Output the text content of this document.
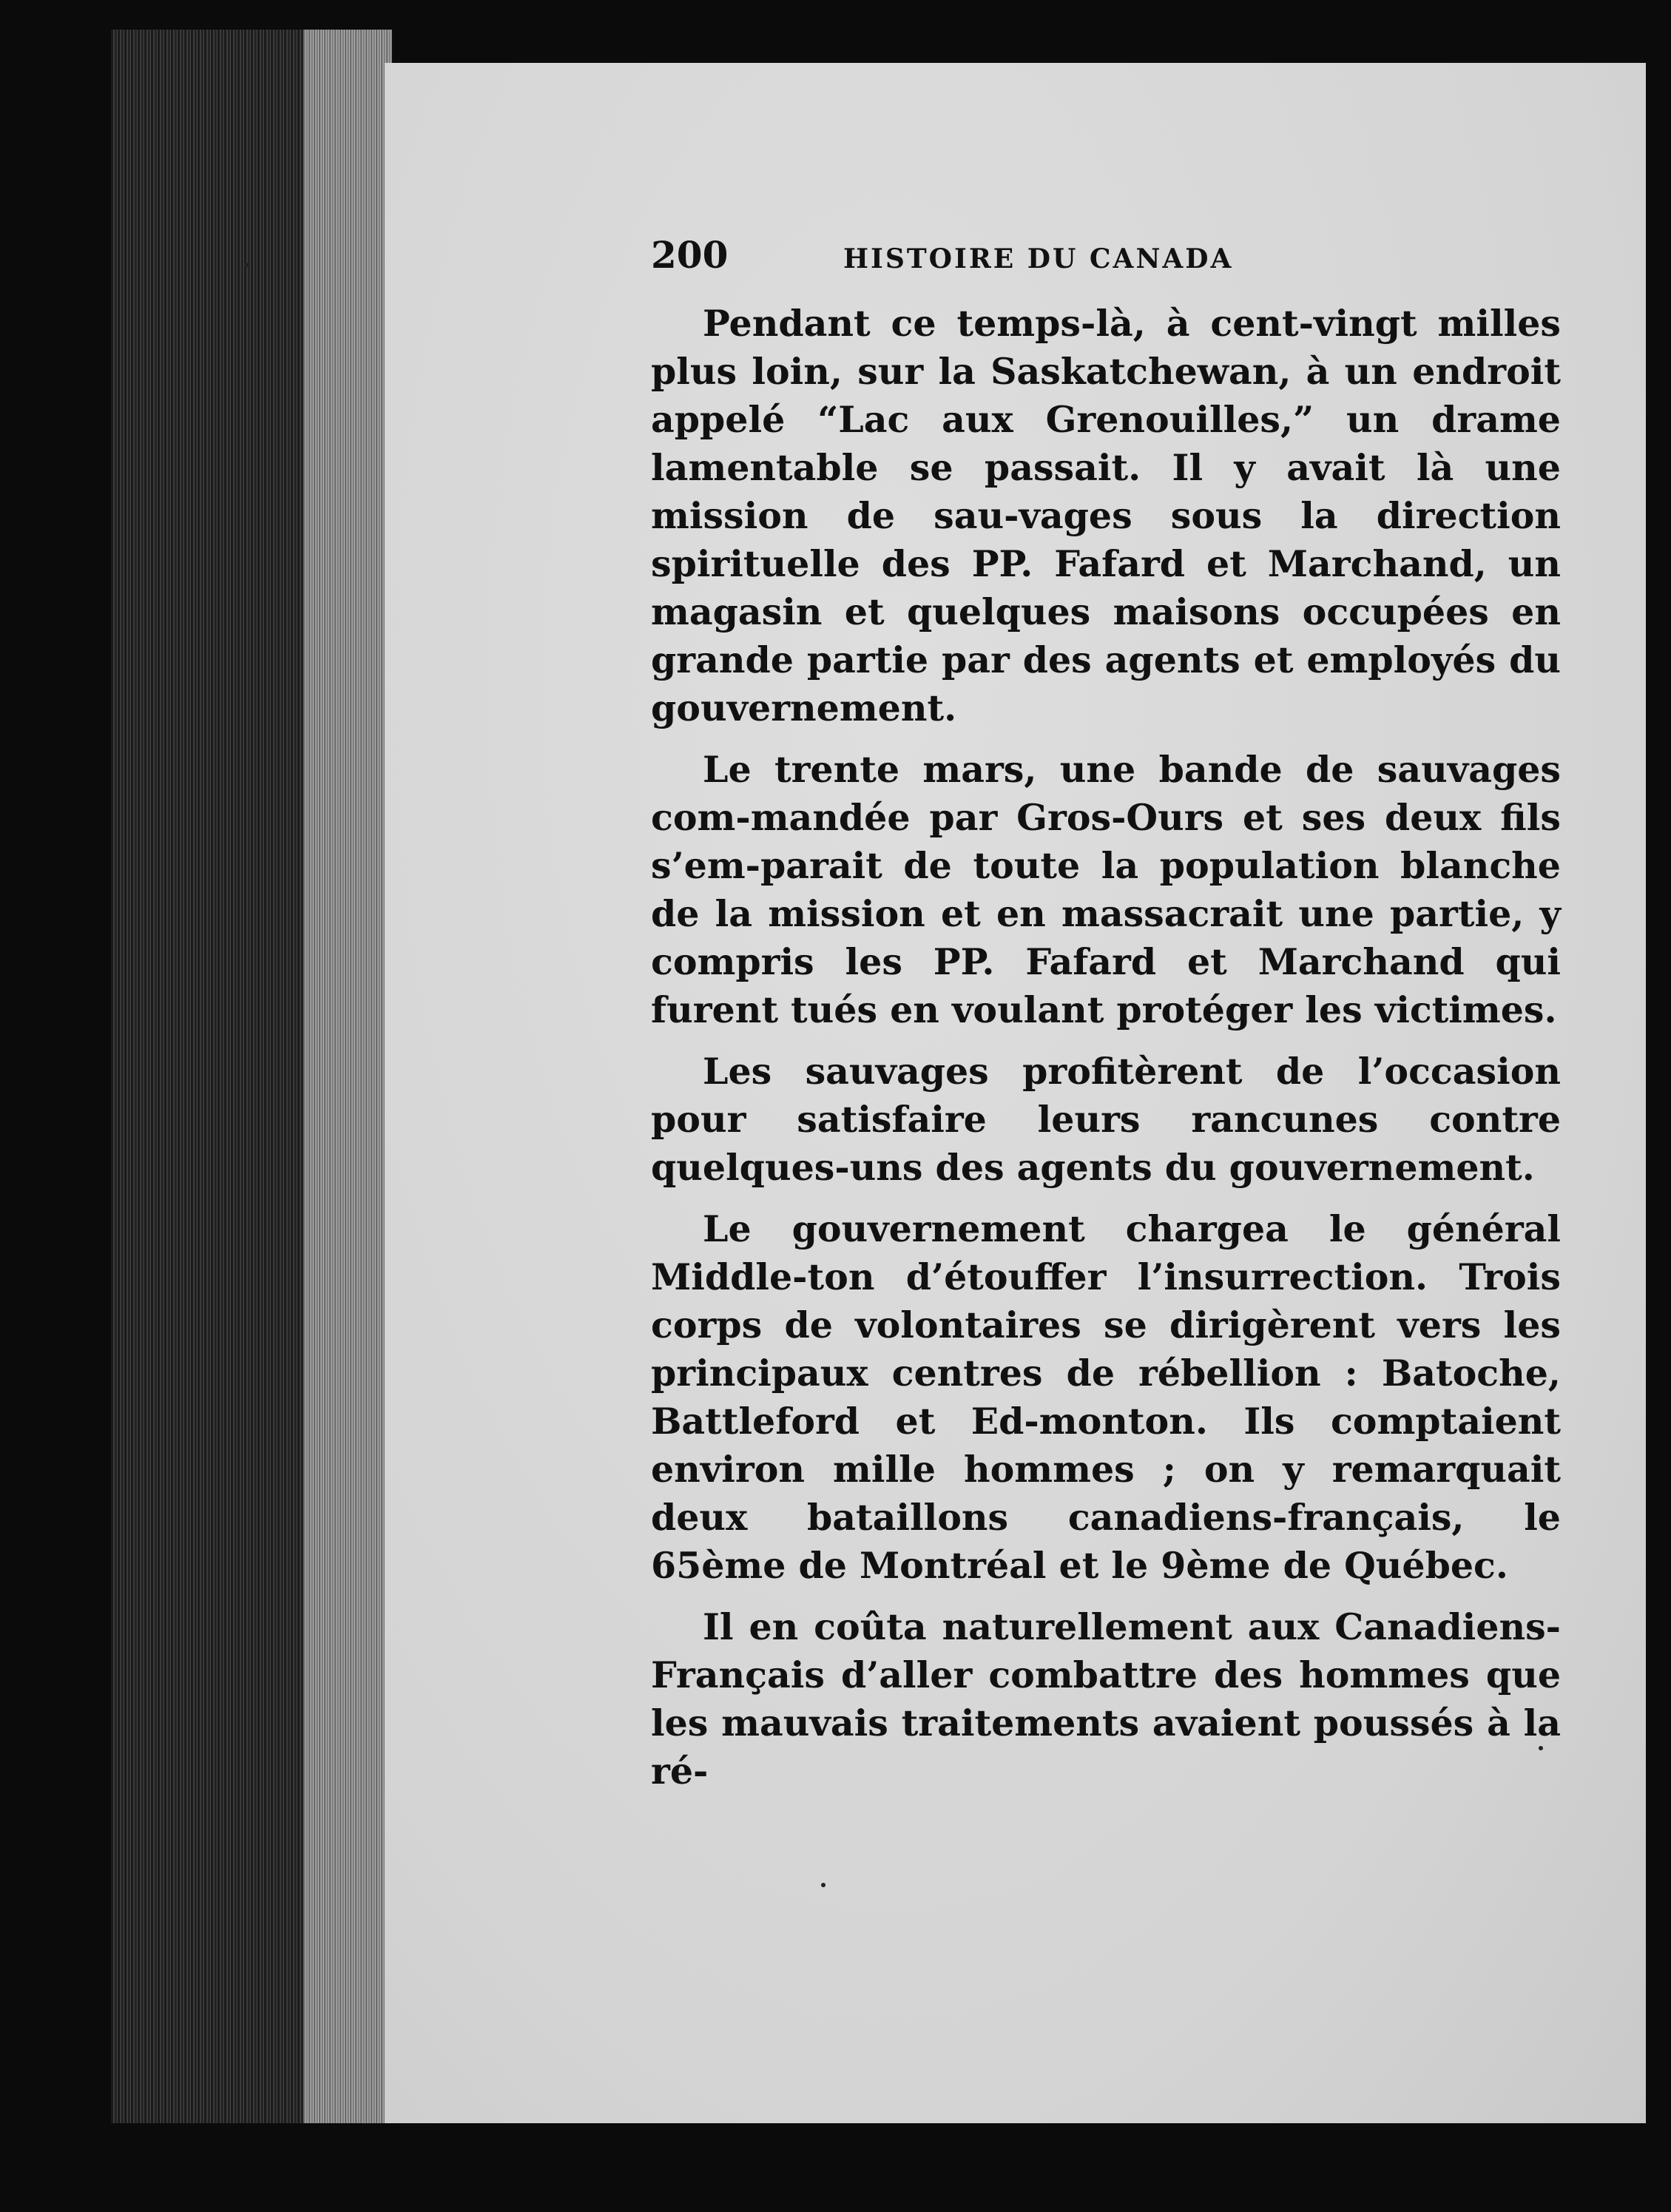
200	HISTOIRE DU CANADA

Pendant ce temps-là, à cent-vingt milles plus loin, sur la Saskatchewan, à un endroit appelé “Lac aux Grenouilles,” un drame lamentable se passait. Il y avait là une mission de sau-vages sous la direction spirituelle des PP. Fafard et Marchand, un magasin et quelques maisons occupées en grande partie par des agents et employés du gouvernement.

Le trente mars, une bande de sauvages com-mandée par Gros-Ours et ses deux fils s’em-parait de toute la population blanche de la mission et en massacrait une partie, y compris les PP. Fafard et Marchand qui furent tués en voulant protéger les victimes.

Les sauvages profitèrent de l’occasion pour satisfaire leurs rancunes contre quelques-uns des agents du gouvernement.

Le gouvernement chargea le général Middle-ton d’étouffer l’insurrection. Trois corps de volontaires se dirigèrent vers les principaux centres de rébellion : Batoche, Battleford et Ed-monton. Ils comptaient environ mille hommes ; on y remarquait deux bataillons canadiens-français, le 65ème de Montréal et le 9ème de Québec.

Il en coûta naturellement aux Canadiens-Français d’aller combattre des hommes que les mauvais traitements avaient poussés à la ré-
